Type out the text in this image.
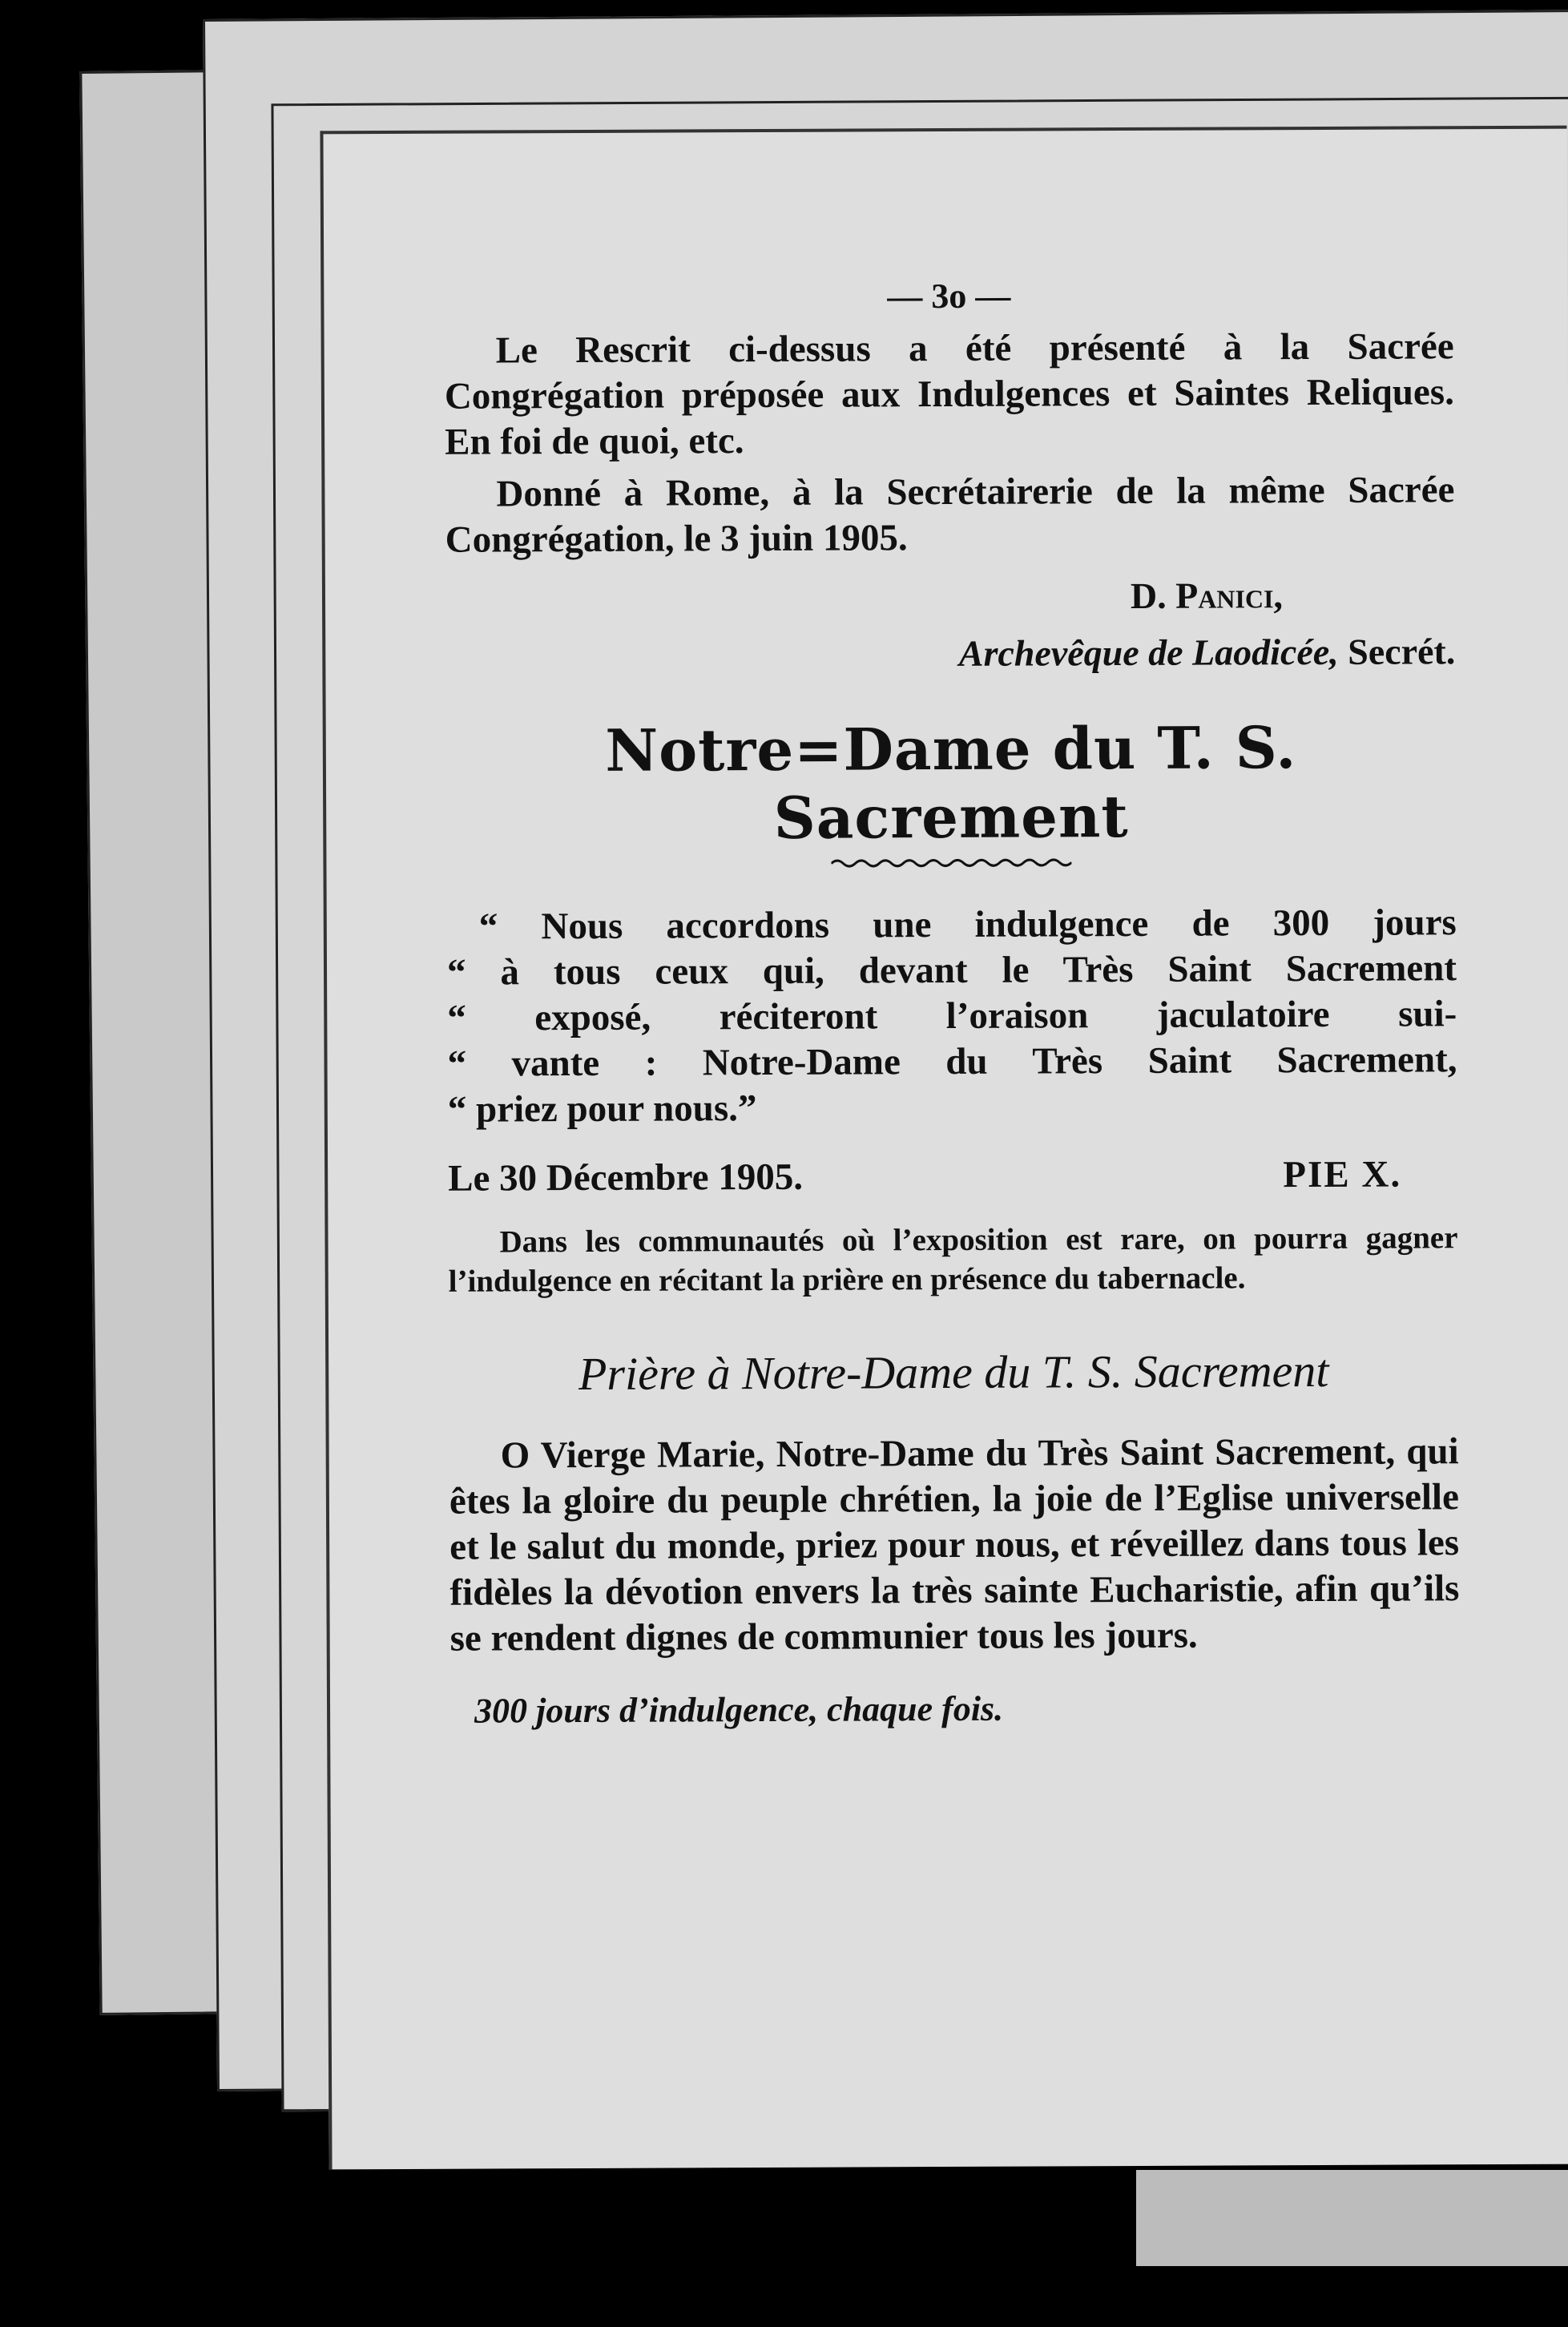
— 3o —

Le Rescrit ci-dessus a été présenté à la Sacrée Congrégation préposée aux Indulgences et Saintes Reliques. En foi de quoi, etc.

Donné à Rome, à la Secrétairerie de la même Sacrée Congrégation, le 3 juin 1905.

D. Panici,

Archevêque de Laodicée, Secrét.

Notre=Dame du T. S. Sacrement

“ Nous accordons une indulgence de 300 jours

“ à tous ceux qui, devant le Très Saint Sacrement

“ exposé, réciteront l’oraison jaculatoire sui-

“ vante : Notre-Dame du Très Saint Sacrement,

“ priez pour nous.”

Le 30 Décembre 1905.	PIE X.

Dans les communautés où l’exposition est rare, on pourra gagner l’indulgence en récitant la prière en présence du tabernacle.

Prière à Notre-Dame du T. S. Sacrement

O Vierge Marie, Notre-Dame du Très Saint Sacrement, qui êtes la gloire du peuple chrétien, la joie de l’Eglise universelle et le salut du monde, priez pour nous, et réveillez dans tous les fidèles la dévotion envers la très sainte Eucharistie, afin qu’ils se rendent dignes de communier tous les jours.

300 jours d’indulgence, chaque fois.
